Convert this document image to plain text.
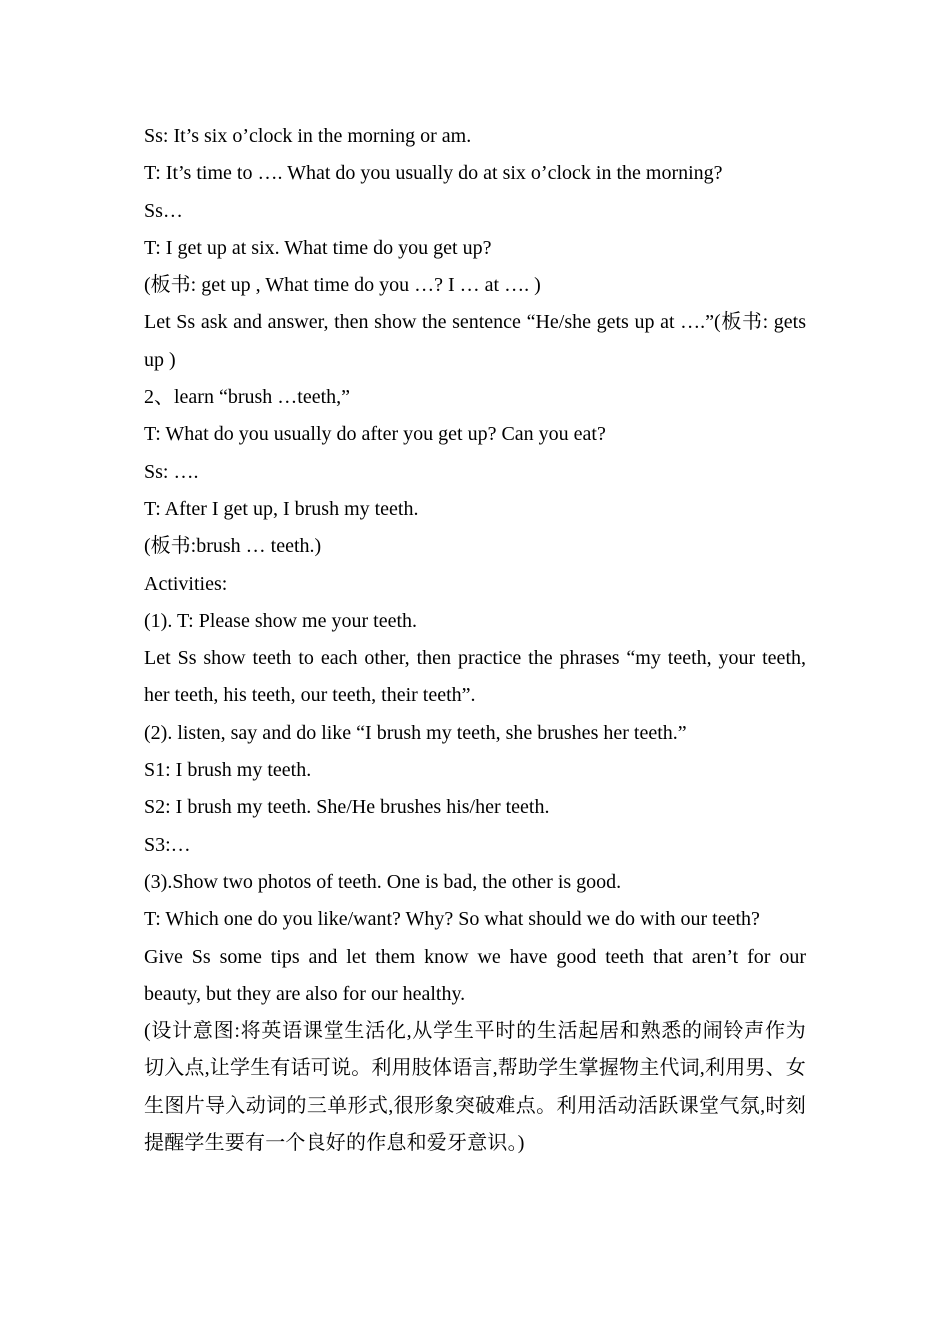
Ss: It’s six o’clock in the morning or am.

T: It’s time to …. What do you usually do at six o’clock in the morning?

Ss…

T: I get up at six. What time do you get up?

(板书: get up , What time do you …? I … at …. )

Let Ss ask and answer, then show the sentence “He/she gets up at ….”(板书: gets up )

2、learn “brush …teeth,”

T: What do you usually do after you get up? Can you eat?

Ss: ….

T: After I get up, I brush my teeth.

(板书:brush … teeth.)

Activities:

(1). T: Please show me your teeth.

Let Ss show teeth to each other, then practice the phrases “my teeth, your teeth, her teeth, his teeth, our teeth, their teeth”.

(2). listen, say and do like “I brush my teeth, she brushes her teeth.”

S1: I brush my teeth.

S2: I brush my teeth. She/He brushes his/her teeth.

S3:…

(3).Show two photos of teeth. One is bad, the other is good.

T: Which one do you like/want? Why? So what should we do with our teeth?

Give Ss some tips and let them know we have good teeth that aren’t for our beauty, but they are also for our healthy.

(设计意图:将英语课堂生活化,从学生平时的生活起居和熟悉的闹铃声作为切入点,让学生有话可说。利用肢体语言,帮助学生掌握物主代词,利用男、女生图片导入动词的三单形式,很形象突破难点。利用活动活跃课堂气氛,时刻提醒学生要有一个良好的作息和爱牙意识。)
